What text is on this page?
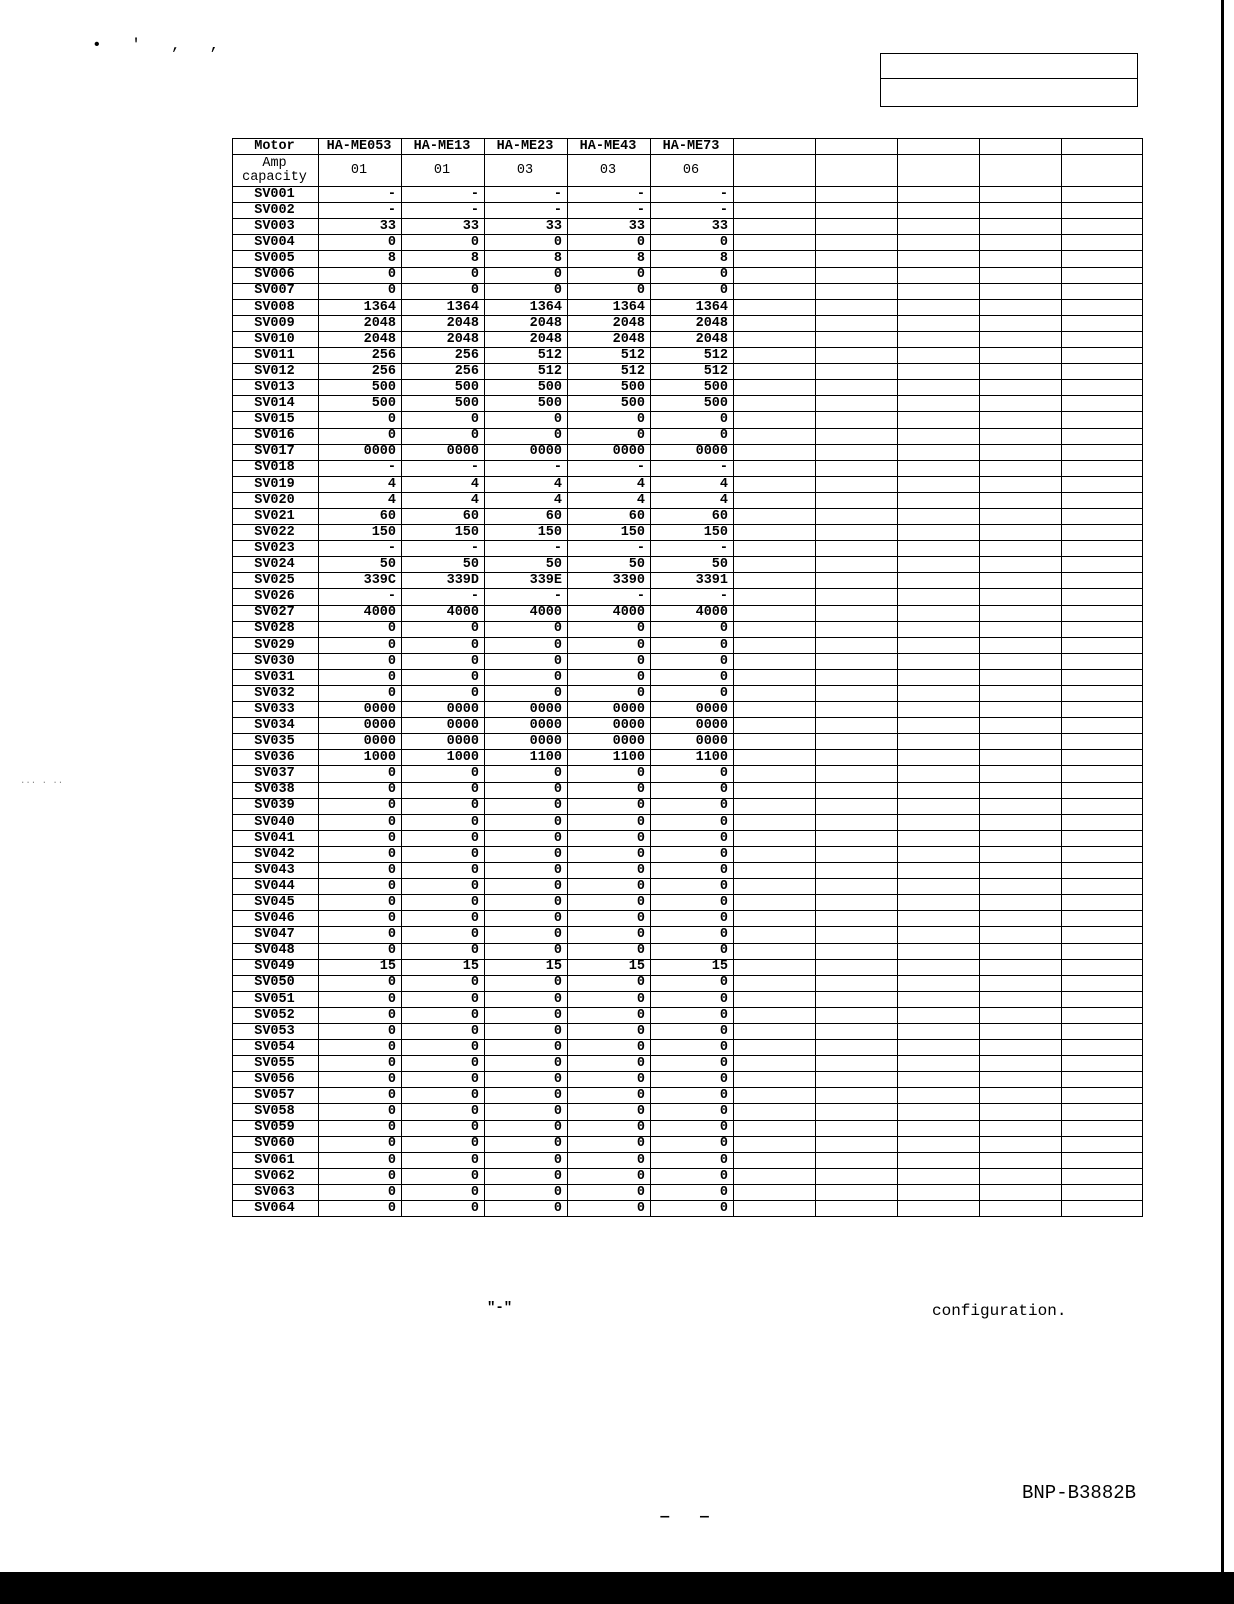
• ' ‚ ,
··· · ··
Motor	HA-ME053	HA-ME13	HA-ME23	HA-ME43	HA-ME73					
Amp capacity	01	01	03	03	06					
SV001	-	-	-	-	-					
SV002	-	-	-	-	-					
SV003	33	33	33	33	33					
SV004	0	0	0	0	0					
SV005	8	8	8	8	8					
SV006	0	0	0	0	0					
SV007	0	0	0	0	0					
SV008	1364	1364	1364	1364	1364					
SV009	2048	2048	2048	2048	2048					
SV010	2048	2048	2048	2048	2048					
SV011	256	256	512	512	512					
SV012	256	256	512	512	512					
SV013	500	500	500	500	500					
SV014	500	500	500	500	500					
SV015	0	0	0	0	0					
SV016	0	0	0	0	0					
SV017	0000	0000	0000	0000	0000					
SV018	-	-	-	-	-					
SV019	4	4	4	4	4					
SV020	4	4	4	4	4					
SV021	60	60	60	60	60					
SV022	150	150	150	150	150					
SV023	-	-	-	-	-					
SV024	50	50	50	50	50					
SV025	339C	339D	339E	3390	3391					
SV026	-	-	-	-	-					
SV027	4000	4000	4000	4000	4000					
SV028	0	0	0	0	0					
SV029	0	0	0	0	0					
SV030	0	0	0	0	0					
SV031	0	0	0	0	0					
SV032	0	0	0	0	0					
SV033	0000	0000	0000	0000	0000					
SV034	0000	0000	0000	0000	0000					
SV035	0000	0000	0000	0000	0000					
SV036	1000	1000	1100	1100	1100					
SV037	0	0	0	0	0					
SV038	0	0	0	0	0					
SV039	0	0	0	0	0					
SV040	0	0	0	0	0					
SV041	0	0	0	0	0					
SV042	0	0	0	0	0					
SV043	0	0	0	0	0					
SV044	0	0	0	0	0					
SV045	0	0	0	0	0					
SV046	0	0	0	0	0					
SV047	0	0	0	0	0					
SV048	0	0	0	0	0					
SV049	15	15	15	15	15					
SV050	0	0	0	0	0					
SV051	0	0	0	0	0					
SV052	0	0	0	0	0					
SV053	0	0	0	0	0					
SV054	0	0	0	0	0					
SV055	0	0	0	0	0					
SV056	0	0	0	0	0					
SV057	0	0	0	0	0					
SV058	0	0	0	0	0					
SV059	0	0	0	0	0					
SV060	0	0	0	0	0					
SV061	0	0	0	0	0					
SV062	0	0	0	0	0					
SV063	0	0	0	0	0					
SV064	0	0	0	0	0					
"-"	configuration.
BNP-B3882B
‒‒
